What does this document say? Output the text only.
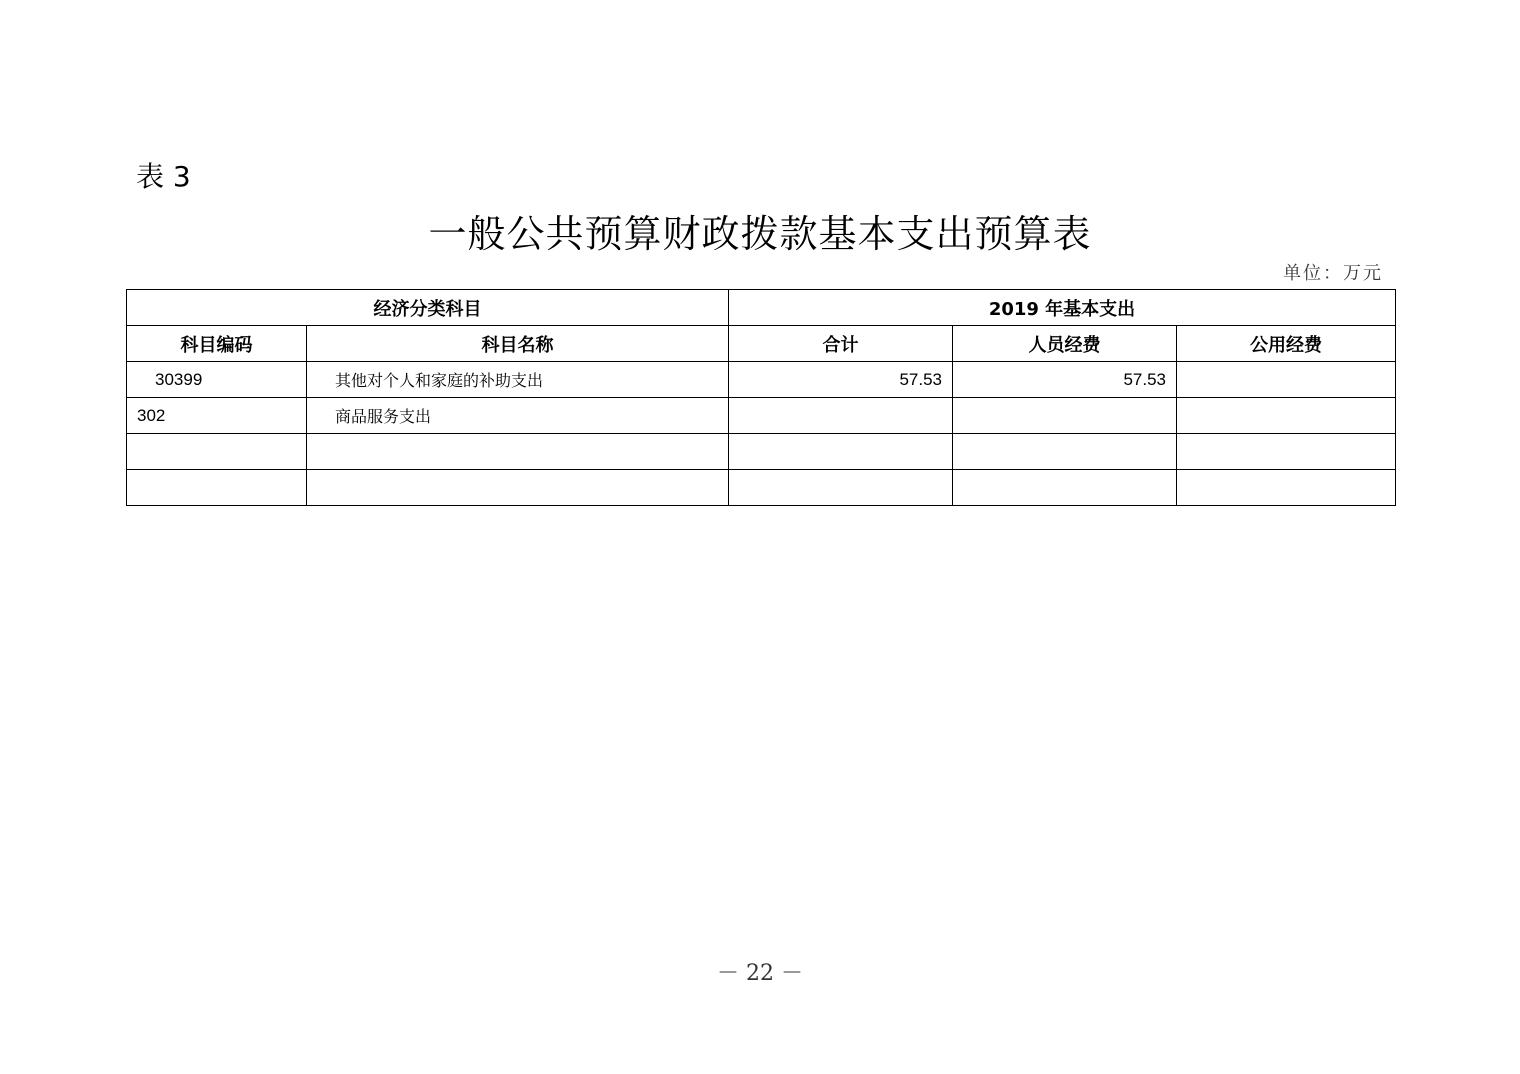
表 3
一般公共预算财政拨款基本支出预算表
单位：万元
经济分类科目		2019 年基本支出		
科目编码	科目名称	合计	人员经费	公用经费
30399	其他对个人和家庭的补助支出	57.53	57.53	
302	商品服务支出			

－ 22 －
